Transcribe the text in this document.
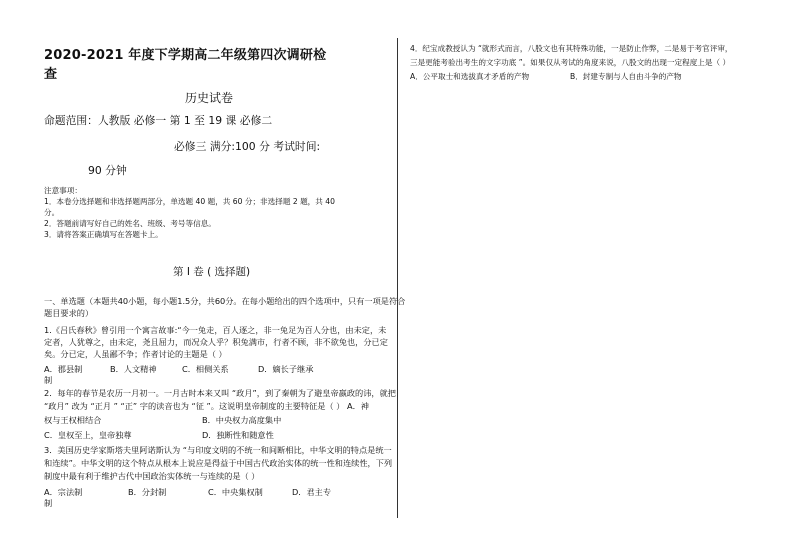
2020-2021 年度下学期高二年级第四次调研检
查
历史试卷
命题范围：人教版 必修一 第 1 至 19 课 必修二
必修三 满分:100 分 考试时间:
90 分钟
注意事项：
1．本卷分选择题和非选择题两部分，单选题 40 题，共 60 分；非选择题 2 题，共 40
分。
2．答题前请写好自己的姓名、班级、考号等信息。
3．请将答案正确填写在答题卡上。
第 Ⅰ 卷 ( 选择题)
一、单选题（本题共40小题，每小题1.5分，共60分。在每小题给出的四个选项中，只有一项是符合
题目要求的）
1.《吕氏春秋》曾引用一个寓言故事:“今一兔走，百人逐之，非一兔足为百人分也，由未定，未
定者，人犹尊之，由未定，尧且屈力，而况众人乎？积兔满市，行者不顾，非不欲兔也，分已定
矣。分已定，人虽鄙不争；作者讨论的主题是（ ）
A．郡县制	B．人文精神	C．相侧关系	D．嫡长子继承
制
2．每年的春节是农历一月初一。一月古时本来又叫 “政月”，到了秦朝为了避皇帝嬴政的讳，就把
“政月” 改为 “正月 ” “正” 字的读音也为 “征 ”。这说明皇帝制度的主要特征是（ ） A．神
权与王权相结合	B．中央权力高度集中
C．皇权至上，皇帝独尊	D．独断性和随意性
3．美国历史学家斯塔夫里阿诺斯认为 “与印度文明的不统一和间断相比，中华文明的特点是统一
和连续”。中华文明的这个特点从根本上说应是得益于中国古代政治实体的统一性和连续性，下列
制度中最有利于维护古代中国政治实体统一与连续的是（ ）
A．宗法制	B．分封制	C．中央集权制	D．君主专
制
4．纪宝成教授认为 “就形式而言，八股文也有其特殊功能，一是防止作弊，二是易于考官评审，
三是更能考验出考生的文字功底 ”。如果仅从考试的角度来说，八股文的出现一定程度上是（ ）
A．公平取士和选拔真才矛盾的产物	B．封建专制与人自由斗争的产物
